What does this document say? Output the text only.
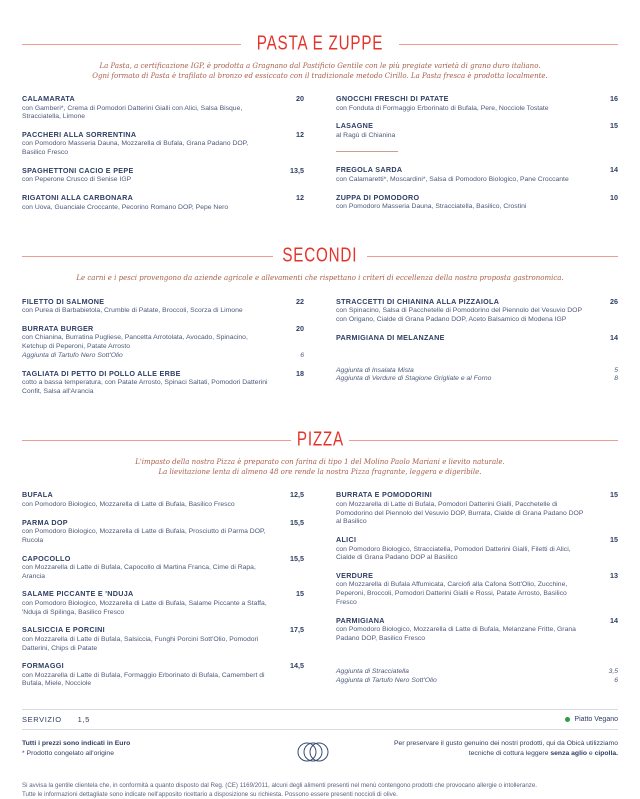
PASTA E ZUPPE
La Pasta, a certificazione IGP, è prodotta a Gragnano dal Pastificio Gentile con le più pregiate varietà di grano duro italiano.
Ogni formato di Pasta è trafilato al bronzo ed essiccato con il tradizionale metodo Cirillo. La Pasta fresca è prodotta localmente.
CALAMARATA	20
con Gamberi*, Crema di Pomodori Datterini Gialli con Alici, Salsa Bisque, Stracciatella, Limone
PACCHERI ALLA SORRENTINA	12
con Pomodoro Masseria Dauna, Mozzarella di Bufala, Grana Padano DOP, Basilico Fresco
SPAGHETTONI CACIO E PEPE	13,5
con Peperone Crusco di Senise IGP
RIGATONI ALLA CARBONARA	12
con Uova, Guanciale Croccante, Pecorino Romano DOP, Pepe Nero
GNOCCHI FRESCHI DI PATATE	16
con Fonduta di Formaggio Erborinato di Bufala, Pere, Nocciole Tostate
LASAGNE	15
al Ragù di Chianina
FREGOLA SARDA	14
con Calamaretti*, Moscardini*, Salsa di Pomodoro Biologico, Pane Croccante
ZUPPA DI POMODORO	10
con Pomodoro Masseria Dauna, Stracciatella, Basilico, Crostini
SECONDI
Le carni e i pesci provengono da aziende agricole e allevamenti che rispettano i criteri di eccellenza della nostra proposta gastronomica.
FILETTO DI SALMONE	22
con Purea di Barbabietola, Crumble di Patate, Broccoli, Scorza di Limone
BURRATA BURGER	20
con Chianina, Burratina Pugliese, Pancetta Arrotolata, Avocado, Spinacino, Ketchup di Peperoni, Patate Arrosto
Aggiunta di Tartufo Nero Sott'Olio	6
TAGLIATA DI PETTO DI POLLO ALLE ERBE	18
cotto a bassa temperatura, con Patate Arrosto, Spinaci Saltati, Pomodori Datterini Confit, Salsa all'Arancia
STRACCETTI DI CHIANINA ALLA PIZZAIOLA	26
con Spinacino, Salsa di Pacchetelle di Pomodorino del Piennolo del Vesuvio DOP con Origano, Cialde di Grana Padano DOP, Aceto Balsamico di Modena IGP
PARMIGIANA DI MELANZANE	14
Aggiunta di Insalata Mista	5
Aggiunta di Verdure di Stagione Grigliate e al Forno	8
PIZZA
L'impasto della nostra Pizza è preparato con farina di tipo 1 del Molino Paolo Mariani e lievito naturale.
La lievitazione lenta di almeno 48 ore rende la nostra Pizza fragrante, leggera e digeribile.
BUFALA	12,5
con Pomodoro Biologico, Mozzarella di Latte di Bufala, Basilico Fresco
PARMA DOP	15,5
con Pomodoro Biologico, Mozzarella di Latte di Bufala, Prosciutto di Parma DOP, Rucola
CAPOCOLLO	15,5
con Mozzarella di Latte di Bufala, Capocollo di Martina Franca, Cime di Rapa, Arancia
SALAME PICCANTE E 'NDUJA	15
con Pomodoro Biologico, Mozzarella di Latte di Bufala, Salame Piccante a Staffa, 'Nduja di Spilinga, Basilico Fresco
SALSICCIA E PORCINI	17,5
con Mozzarella di Latte di Bufala, Salsiccia, Funghi Porcini Sott'Olio, Pomodori Datterini, Chips di Patate
FORMAGGI	14,5
con Mozzarella di Latte di Bufala, Formaggio Erborinato di Bufala, Camembert di Bufala, Miele, Nocciole
BURRATA E POMODORINI	15
con Mozzarella di Latte di Bufala, Pomodori Datterini Gialli, Pacchetelle di Pomodorino del Piennolo del Vesuvio DOP, Burrata, Cialde di Grana Padano DOP al Basilico
ALICI	15
con Pomodoro Biologico, Stracciatella, Pomodori Datterini Gialli, Filetti di Alici, Cialde di Grana Padano DOP al Basilico
VERDURE	13
con Mozzarella di Bufala Affumicata, Carciofi alla Cafona Sott'Olio, Zucchine, Peperoni, Broccoli, Pomodori Datterini Gialli e Rossi, Patate Arrosto, Basilico Fresco
PARMIGIANA	14
con Pomodoro Biologico, Mozzarella di Latte di Bufala, Melanzane Fritte, Grana Padano DOP, Basilico Fresco
Aggiunta di Stracciatella	3,5
Aggiunta di Tartufo Nero Sott'Olio	6
SERVIZIO 1,5	Piatto Vegano
Tutti i prezzi sono indicati in Euro
* Prodotto congelato all'origine
Per preservare il gusto genuino dei nostri prodotti, qui da Obicà utilizziamo tecniche di cottura leggere senza aglio e cipolla.
Si avvisa la gentile clientela che, in conformità a quanto disposto dal Reg. (CE) 1169/2011, alcuni degli alimenti presenti nel menù contengono prodotti che provocano allergie o intolleranze.
Tutte le informazioni dettagliate sono indicate nell'apposito ricettario a disposizione su richiesta. Possono essere presenti noccioli di olive.
